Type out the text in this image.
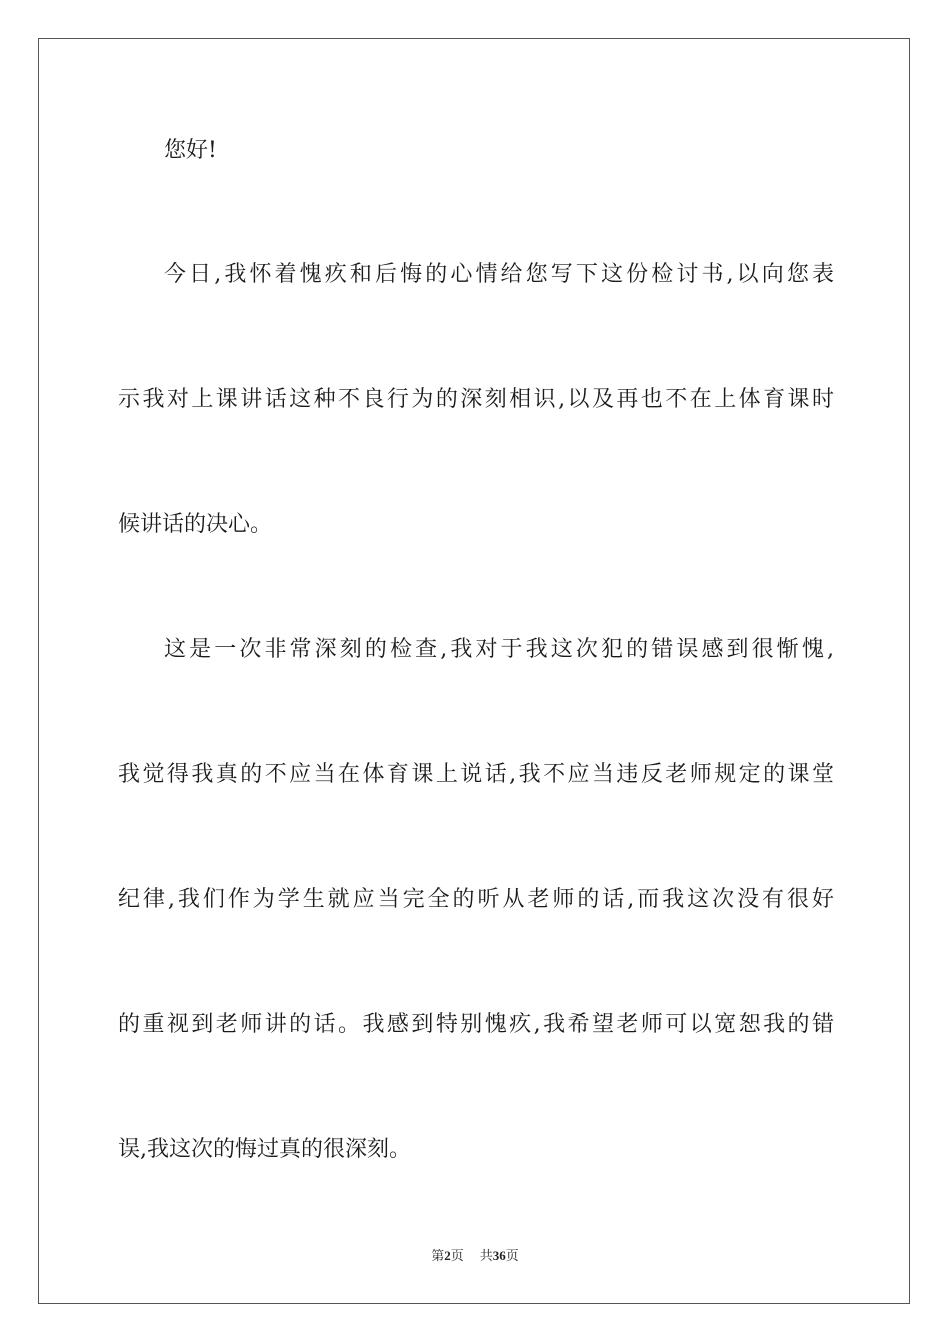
您好!
今日,我怀着愧疚和后悔的心情给您写下这份检讨书,以向您表
示我对上课讲话这种不良行为的深刻相识,以及再也不在上体育课时
候讲话的决心。
这是一次非常深刻的检查,我对于我这次犯的错误感到很惭愧,
我觉得我真的不应当在体育课上说话,我不应当违反老师规定的课堂
纪律,我们作为学生就应当完全的听从老师的话,而我这次没有很好
的重视到老师讲的话。我感到特别愧疚,我希望老师可以宽恕我的错
误,我这次的悔过真的很深刻。
第2页 共36页
